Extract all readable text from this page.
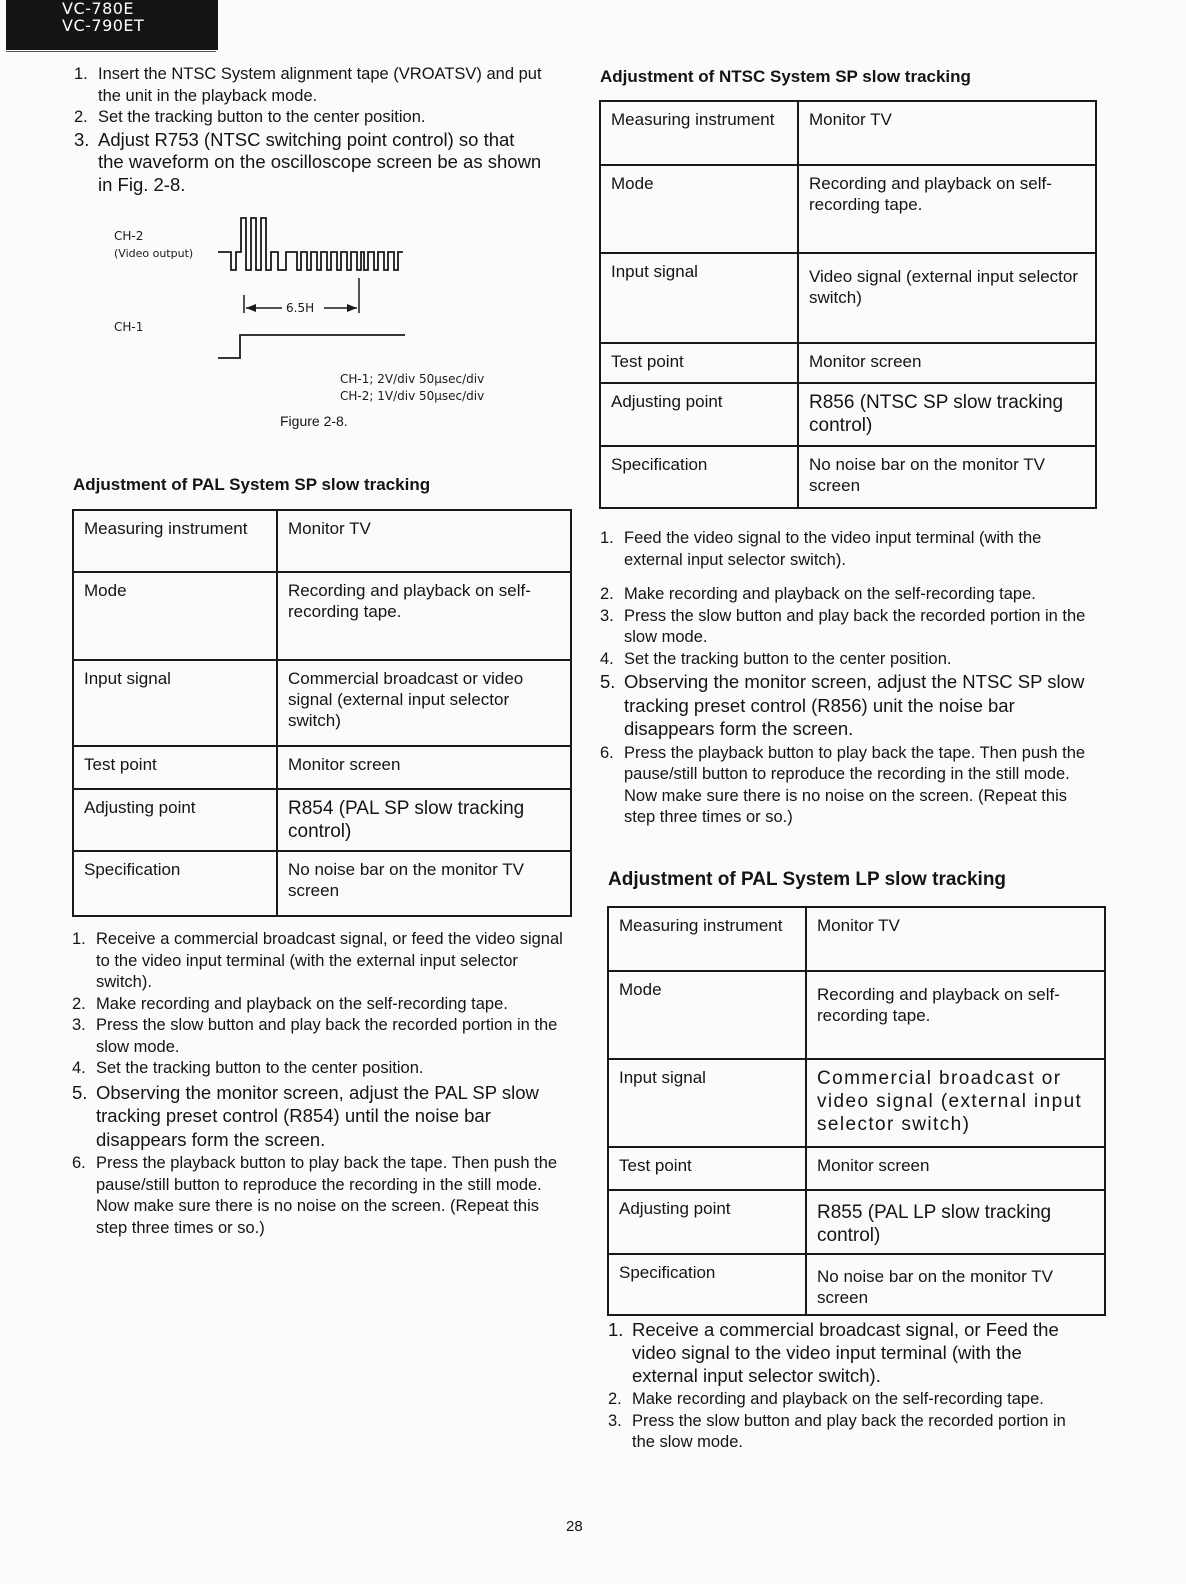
VC-780E
VC-790ET
1. Insert the NTSC System alignment tape (VROATSV) and put the unit in the playback mode.
2. Set the tracking button to the center position.
3. Adjust R753 (NTSC switching point control) so that the waveform on the oscilloscope screen be as shown in Fig. 2-8.
CH-2
(Video output)
6.5H
CH-1
CH-1; 2V/div 50µsec/div
CH-2; 1V/div 50µsec/div
Figure 2-8.
Adjustment of PAL System SP slow tracking
Measuring instrument	Monitor TV
Mode	Recording and playback on self-recording tape.
Input signal	Commercial broadcast or video signal (external input selector switch)
Test point	Monitor screen
Adjusting point	R854 (PAL SP slow tracking control)
Specification	No noise bar on the monitor TV screen
1. Receive a commercial broadcast signal, or feed the video signal to the video input terminal (with the external input selector switch).
2. Make recording and playback on the self-recording tape.
3. Press the slow button and play back the recorded portion in the slow mode.
4. Set the tracking button to the center position.
5. Observing the monitor screen, adjust the PAL SP slow tracking preset control (R854) until the noise bar disappears form the screen.
6. Press the playback button to play back the tape. Then push the pause/still button to reproduce the recording in the still mode. Now make sure there is no noise on the screen. (Repeat this step three times or so.)
Adjustment of NTSC System SP slow tracking
Measuring instrument	Monitor TV
Mode	Recording and playback on self-recording tape.
Input signal	Video signal (external input selector switch)
Test point	Monitor screen
Adjusting point	R856 (NTSC SP slow tracking control)
Specification	No noise bar on the monitor TV screen
1. Feed the video signal to the video input terminal (with the external input selector switch).
2. Make recording and playback on the self-recording tape.
3. Press the slow button and play back the recorded portion in the slow mode.
4. Set the tracking button to the center position.
5. Observing the monitor screen, adjust the NTSC SP slow tracking preset control (R856) unit the noise bar disappears form the screen.
6. Press the playback button to play back the tape. Then push the pause/still button to reproduce the recording in the still mode. Now make sure there is no noise on the screen. (Repeat this step three times or so.)
Adjustment of PAL System LP slow tracking
Measuring instrument	Monitor TV
Mode	Recording and playback on self-recording tape.
Input signal	Commercial broadcast or video signal (external input selector switch)
Test point	Monitor screen
Adjusting point	R855 (PAL LP slow tracking control)
Specification	No noise bar on the monitor TV screen
1. Receive a commercial broadcast signal, or Feed the video signal to the video input terminal (with the external input selector switch).
2. Make recording and playback on the self-recording tape.
3. Press the slow button and play back the recorded portion in the slow mode.
28
